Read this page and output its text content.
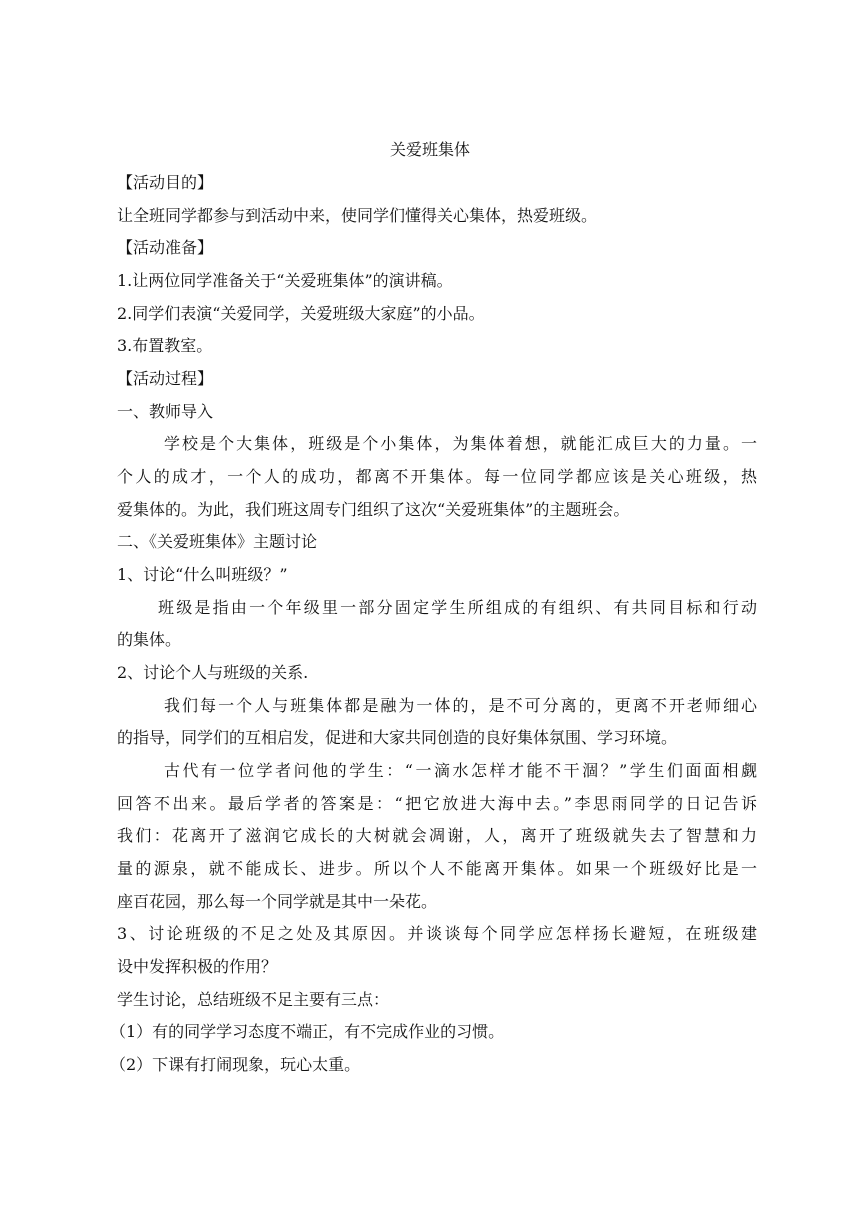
关爱班集体
【活动目的】
让全班同学都参与到活动中来，使同学们懂得关心集体，热爱班级。
【活动准备】
1.让两位同学准备关于“关爱班集体”的演讲稿。
2.同学们表演“关爱同学，关爱班级大家庭”的小品。
3.布置教室。
【活动过程】
一、教师导入
学校是个大集体，班级是个小集体，为集体着想，就能汇成巨大的力量。一
个人的成才，一个人的成功，都离不开集体。每一位同学都应该是关心班级，热
爱集体的。为此，我们班这周专门组织了这次“关爱班集体”的主题班会。
二、《关爱班集体》主题讨论
1、讨论“什么叫班级？”
班级是指由一个年级里一部分固定学生所组成的有组织、有共同目标和行动
的集体。
2、讨论个人与班级的关系.
我们每一个人与班集体都是融为一体的，是不可分离的，更离不开老师细心
的指导，同学们的互相启发，促进和大家共同创造的良好集体氛围、学习环境。
古代有一位学者问他的学生：“一滴水怎样才能不干涸？”学生们面面相觑
回答不出来。最后学者的答案是：“把它放进大海中去。”李思雨同学的日记告诉
我们：花离开了滋润它成长的大树就会凋谢，人，离开了班级就失去了智慧和力
量的源泉，就不能成长、进步。所以个人不能离开集体。如果一个班级好比是一
座百花园，那么每一个同学就是其中一朵花。
3、讨论班级的不足之处及其原因。并谈谈每个同学应怎样扬长避短，在班级建
设中发挥积极的作用？
学生讨论，总结班级不足主要有三点：
（1）有的同学学习态度不端正，有不完成作业的习惯。
（2）下课有打闹现象，玩心太重。
